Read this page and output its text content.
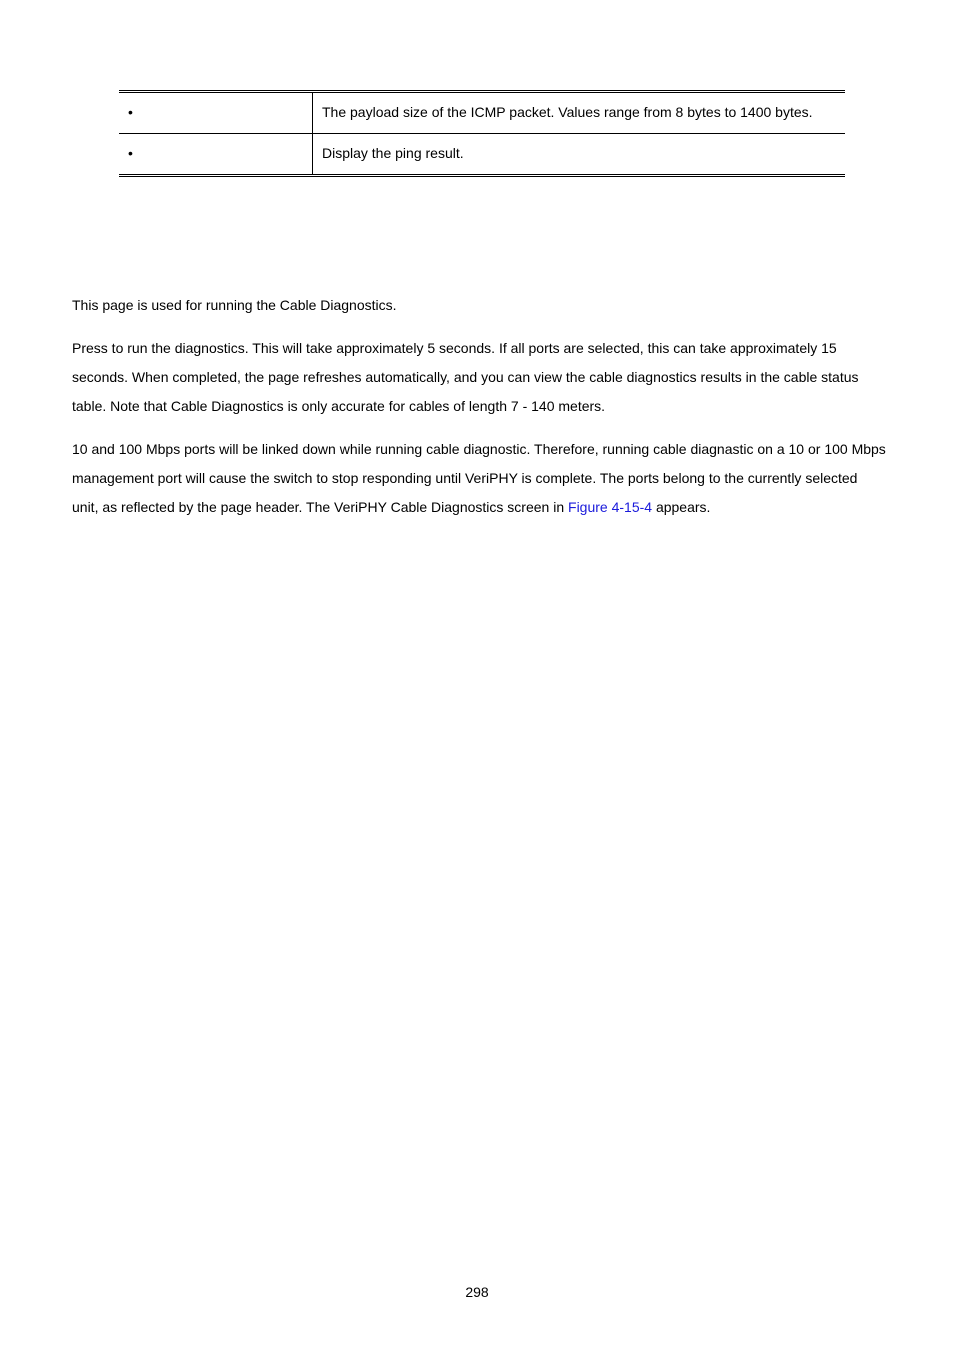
•	The payload size of the ICMP packet. Values range from 8 bytes to 1400 bytes.

•	Display the ping result.

This page is used for running the Cable Diagnostics.

Press to run the diagnostics. This will take approximately 5 seconds. If all ports are selected, this can take approximately 15 seconds. When completed, the page refreshes automatically, and you can view the cable diagnostics results in the cable status table. Note that Cable Diagnostics is only accurate for cables of length 7 - 140 meters.

10 and 100 Mbps ports will be linked down while running cable diagnostic. Therefore, running cable diagnastic on a 10 or 100 Mbps management port will cause the switch to stop responding until VeriPHY is complete. The ports belong to the currently selected unit, as reflected by the page header. The VeriPHY Cable Diagnostics screen in Figure 4-15-4 appears.

298
